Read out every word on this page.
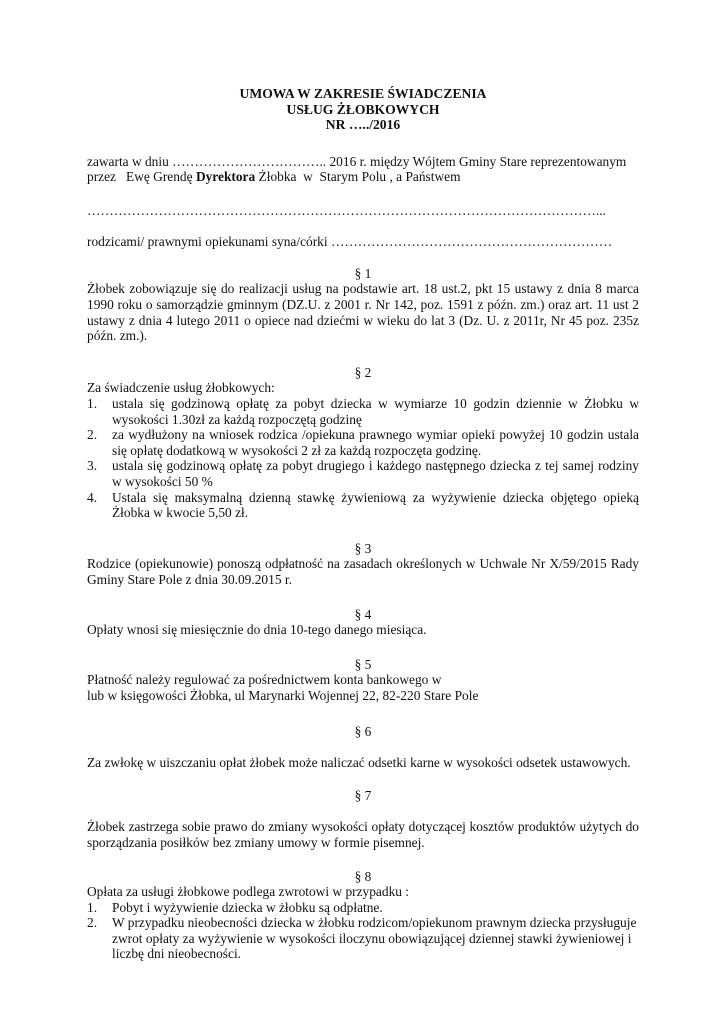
UMOWA W ZAKRESIE ŚWIADCZENIA
USŁUG ŻŁOBKOWYCH
NR …../2016

zawarta w dniu …………………………….. 2016 r. między Wójtem Gminy Stare reprezentowanym

przez   Ewę Grendę Dyrektora Żłobka  w  Starym Polu , a Państwem

……………………………………………………………………………………………………...

rodzicami/ prawnymi opiekunami syna/córki ………………………………………………………

§ 1

Żłobek zobowiązuje się do realizacji usług na podstawie art. 18 ust.2, pkt 15 ustawy z dnia 8 marca 1990 roku o samorządzie gminnym (DZ.U. z 2001 r. Nr 142, poz. 1591 z późn. zm.) oraz art. 11 ust 2 ustawy z dnia 4 lutego 2011 o opiece nad dziećmi w wieku do lat 3 (Dz. U. z 2011r, Nr 45 poz. 235z późn. zm.).

§ 2

Za świadczenie usług żłobkowych:

1.	ustala się godzinową opłatę za pobyt dziecka w wymiarze 10 godzin dziennie w Żłobku w wysokości 1.30zł za każdą rozpoczętą godzinę
2.	za wydłużony na wniosek rodzica /opiekuna prawnego wymiar opieki powyżej 10 godzin ustala się opłatę dodatkową w wysokości 2 zł za każdą rozpoczęta godzinę.
3.	ustala się godzinową opłatę za pobyt drugiego i każdego następnego dziecka z tej samej rodziny w wysokości 50 %
4.	Ustala się maksymalną dzienną stawkę żywieniową za wyżywienie dziecka objętego opieką Żłobka w kwocie 5,50 zł.

§ 3

Rodzice (opiekunowie) ponoszą odpłatność na zasadach określonych w Uchwale Nr X/59/2015 Rady Gminy Stare Pole z dnia 30.09.2015 r.

§ 4

Opłaty wnosi się miesięcznie do dnia 10-tego danego miesiąca.

§ 5

Płatność należy regulować za pośrednictwem konta bankowego w

lub w księgowości Żłobka, ul Marynarki Wojennej 22, 82-220 Stare Pole

§ 6

Za zwłokę w uiszczaniu opłat żłobek może naliczać odsetki karne w wysokości odsetek ustawowych.

§ 7

Żłobek zastrzega sobie prawo do zmiany wysokości opłaty dotyczącej kosztów produktów użytych do sporządzania posiłków bez zmiany umowy w formie pisemnej.

§ 8

Opłata za usługi żłobkowe podlega zwrotowi w przypadku :

1.	Pobyt i wyżywienie dziecka w żłobku są odpłatne.
2.	W przypadku nieobecności dziecka w żłobku rodzicom/opiekunom prawnym dziecka przysługuje zwrot opłaty za wyżywienie w wysokości iloczynu obowiązującej dziennej stawki żywieniowej i liczbę dni nieobecności.
